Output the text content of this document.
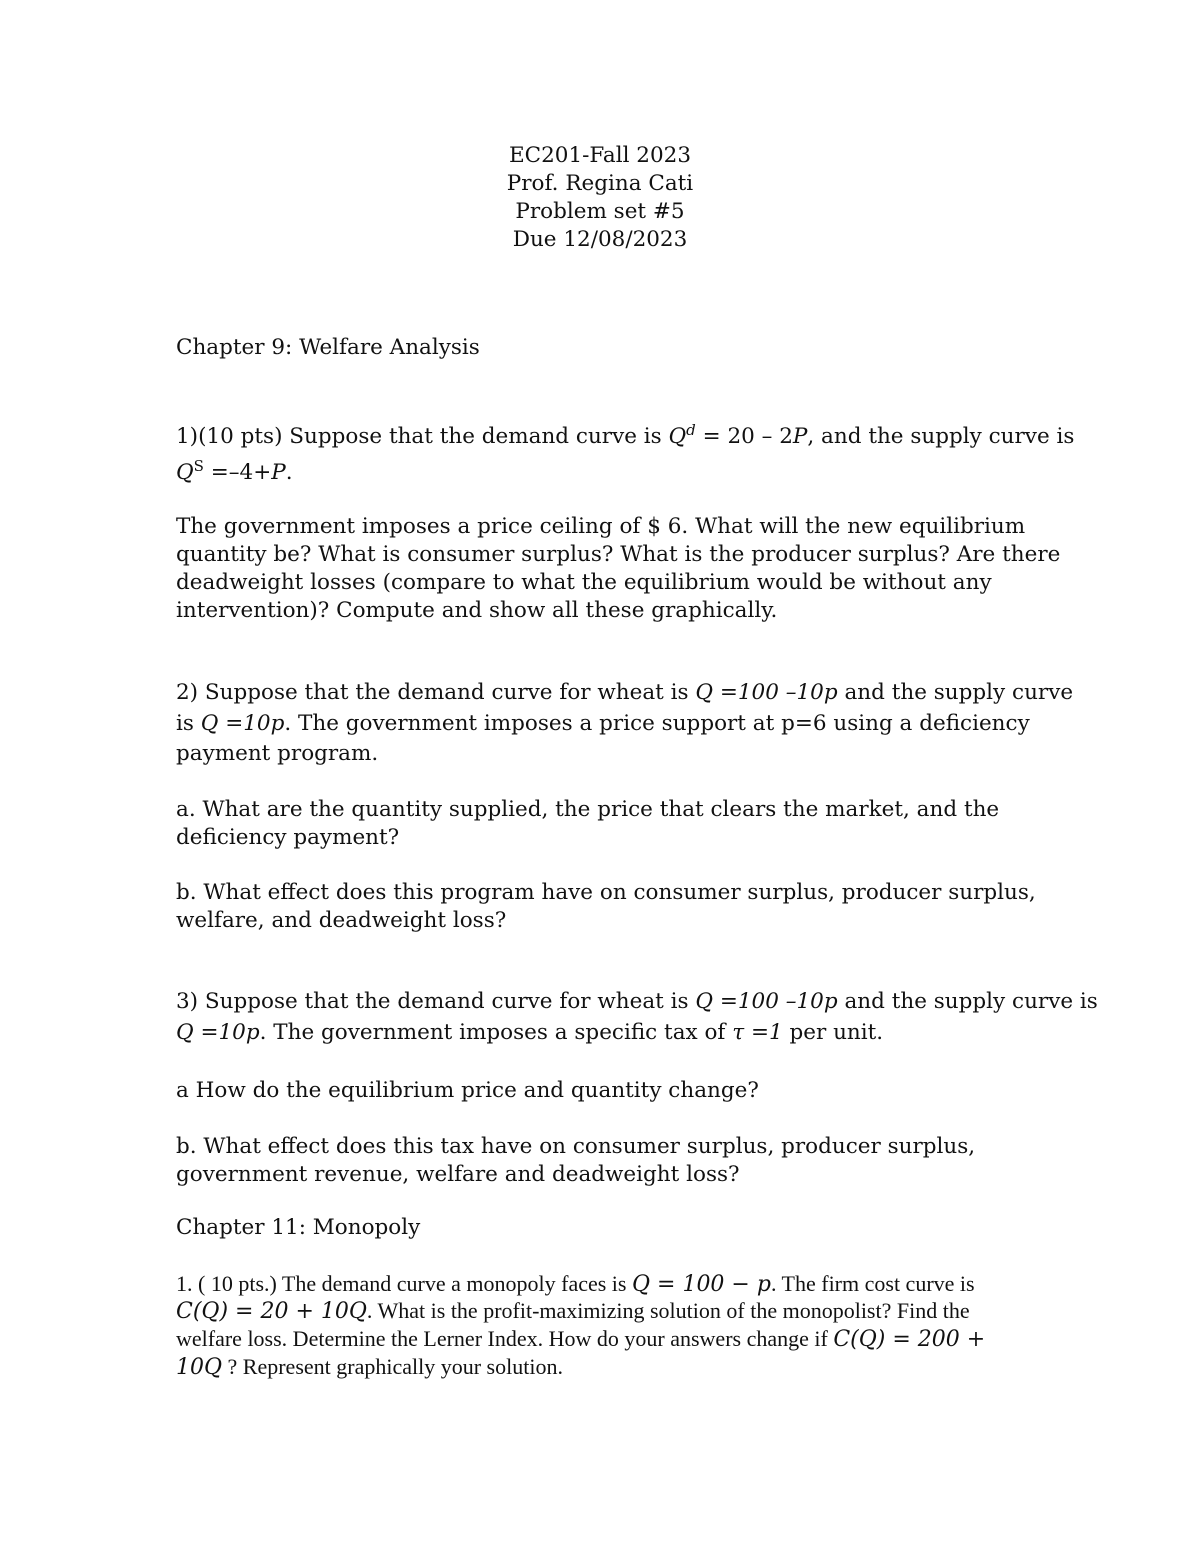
EC201-Fall 2023
Prof. Regina Cati
Problem set #5
Due 12/08/2023
Chapter 9: Welfare Analysis
1)(10 pts) Suppose that the demand curve is $Q^d = 20 - 2P$, and the supply curve is
$Q^S =-4+P$.
The government imposes a price ceiling of $ 6. What will the new equilibrium
quantity be? What is consumer surplus? What is the producer surplus? Are there
deadweight losses (compare to what the equilibrium would be without any
intervention)? Compute and show all these graphically.
2) Suppose that the demand curve for wheat is Q =100 –10p and the supply curve
is Q =10p. The government imposes a price support at p=6 using a deficiency
payment program.
a. What are the quantity supplied, the price that clears the market, and the
deficiency payment?
b. What effect does this program have on consumer surplus, producer surplus,
welfare, and deadweight loss?
3) Suppose that the demand curve for wheat is Q =100 –10p and the supply curve is
Q =10p. The government imposes a specific tax of τ =1 per unit.
a How do the equilibrium price and quantity change?
b. What effect does this tax have on consumer surplus, producer surplus,
government revenue, welfare and deadweight loss?
Chapter 11: Monopoly
1. ( 10 pts.) The demand curve a monopoly faces is Q = 100 − p. The firm cost curve is
C(Q) = 20 + 10Q. What is the profit-maximizing solution of the monopolist? Find the
welfare loss. Determine the Lerner Index. How do your answers change if C(Q) = 200 +
10Q ? Represent graphically your solution.
